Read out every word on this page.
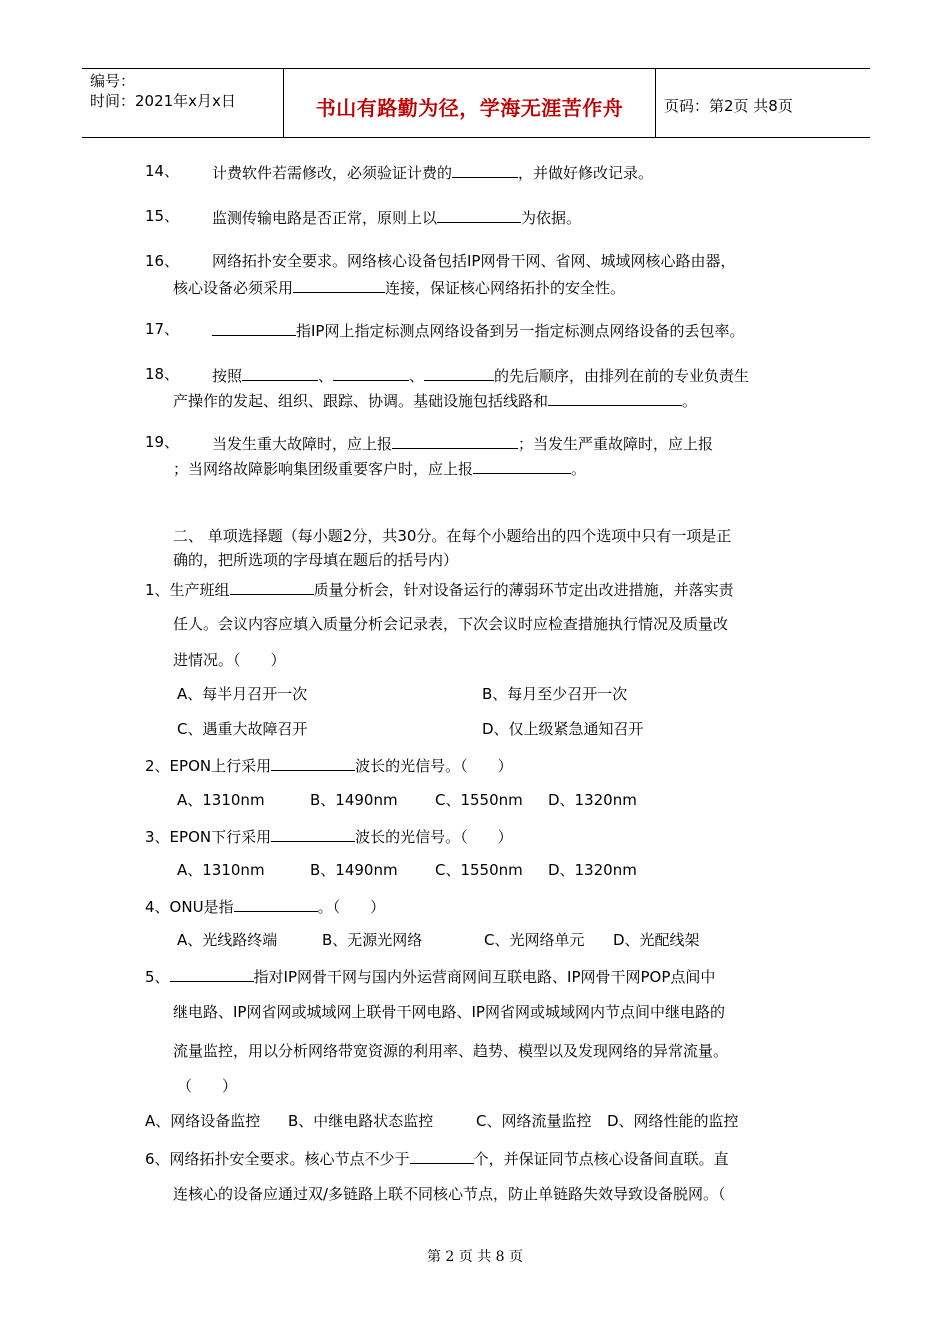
编号：
时间：2021年x月x日	书山有路勤为径，学海无涯苦作舟	页码：第2页 共8页
14、 计费软件若需修改，必须验证计费的	，并做好修改记录。
15、 监测传输电路是否正常，原则上以	为依据。
16、 网络拓扑安全要求。网络核心设备包括IP网骨干网、省网、城域网核心路由器，
核心设备必须采用	连接，保证核心网络拓扑的安全性。
17、	指IP网上指定标测点网络设备到另一指定标测点网络设备的丢包率。
18、 按照	、	、	的先后顺序，由排列在前的专业负责生
产操作的发起、组织、跟踪、协调。基础设施包括线路和	。
19、 当发生重大故障时，应上报	；当发生严重故障时，应上报
；当网络故障影响集团级重要客户时，应上报	。
二、 单项选择题（每小题2分，共30分。在每个小题给出的四个选项中只有一项是正
确的，把所选项的字母填在题后的括号内）
1、生产班组	质量分析会，针对设备运行的薄弱环节定出改进措施，并落实责
任人。会议内容应填入质量分析会记录表，下次会议时应检查措施执行情况及质量改
进情况。（　　）
A、每半月召开一次	B、每月至少召开一次
C、遇重大故障召开	D、仅上级紧急通知召开
2、EPON上行采用	波长的光信号。（　　）
A、1310nm	B、1490nm C、1550nm D、1320nm
3、EPON下行采用	波长的光信号。（　　）
A、1310nm	B、1490nm C、1550nm D、1320nm
4、ONU是指	。（　　）
A、光线路终端	B、无源光网络	C、光网络单元 D、光配线架
5、	指对IP网骨干网与国内外运营商网间互联电路、IP网骨干网POP点间中
继电路、IP网省网或城域网上联骨干网电路、IP网省网或城域网内节点间中继电路的
流量监控，用以分析网络带宽资源的利用率、趋势、模型以及发现网络的异常流量。
（　　）
A、网络设备监控 B、中继电路状态监控	C、网络流量监控 D、网络性能的监控
6、网络拓扑安全要求。核心节点不少于	个，并保证同节点核心设备间直联。直
连核心的设备应通过双/多链路上联不同核心节点，防止单链路失效导致设备脱网。（
第 2 页 共 8 页
